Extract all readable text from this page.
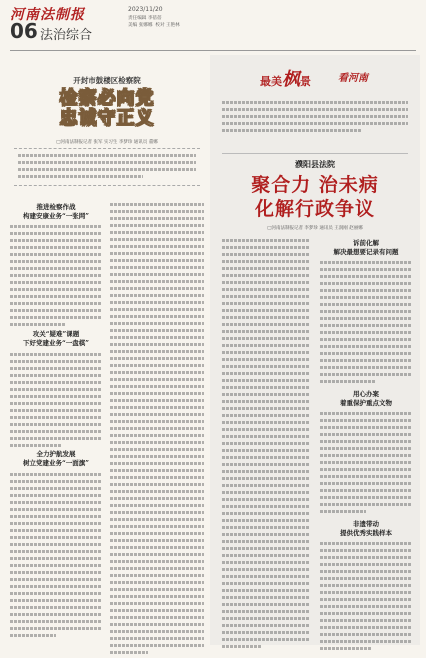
河南法制报
06 法治综合
2023/11/20
责任编辑 李蓓蓓
美编 张娜娜  校对 王艳林
开封市鼓楼区检察院
检察必向党
忠诚守正义
□河南法制报记者 张军 实习生 李梦珍 通讯员 董娜
推进检察作战
构建安康业务“一张网”
攻关“疑难”课题
下好党建业务“一盘棋”
全力护航发展
树立党建业务“一面旗”
最美枫景	看河南
濮阳县法院
聚合力 治未病
化解行政争议
□河南法制报记者 李梦珍 通讯员 王润刚 赵丽娜
诉前化解
解决最想要记录有问题
用心办案
着重保护重点文物
非遗带动
提供优秀实践样本
